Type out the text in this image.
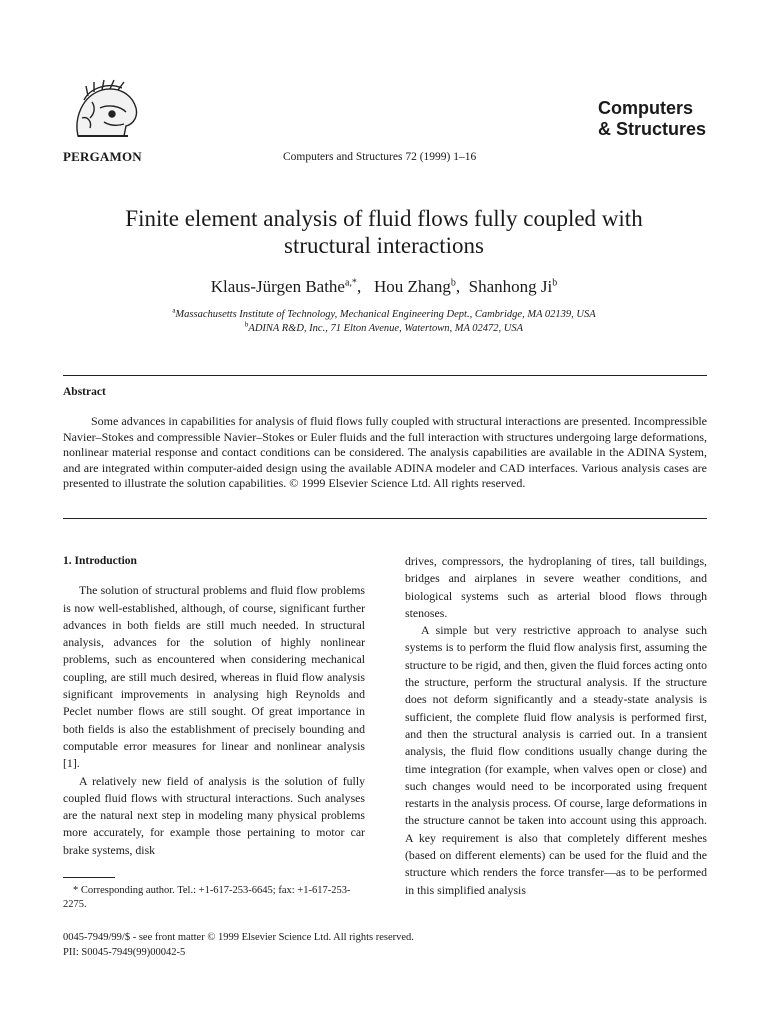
PERGAMON	Computers and Structures 72 (1999) 1–16
Computers
& Structures
Finite element analysis of fluid flows fully coupled with
structural interactions
Klaus-Jürgen Bathe$^{a,*}$,   Hou Zhang$^b$,  Shanhong Ji$^b$
$^a$Massachusetts Institute of Technology, Mechanical Engineering Dept., Cambridge, MA 02139, USA
$^b$ADINA R&D, Inc., 71 Elton Avenue, Watertown, MA 02472, USA
Abstract

Some advances in capabilities for analysis of fluid flows fully coupled with structural interactions are presented. Incompressible Navier–Stokes and compressible Navier–Stokes or Euler fluids and the full interaction with structures undergoing large deformations, nonlinear material response and contact conditions can be considered. The analysis capabilities are available in the ADINA System, and are integrated within computer-aided design using the available ADINA modeler and CAD interfaces. Various analysis cases are presented to illustrate the solution capabilities. © 1999 Elsevier Science Ltd. All rights reserved.

1. Introduction

The solution of structural problems and fluid flow problems is now well-established, although, of course, significant further advances in both fields are still much needed. In structural analysis, advances for the solution of highly nonlinear problems, such as encountered when considering mechanical coupling, are still much desired, whereas in fluid flow analysis significant improvements in analysing high Reynolds and Peclet number flows are still sought. Of great importance in both fields is also the establishment of precisely bounding and computable error measures for linear and nonlinear analysis [1].

A relatively new field of analysis is the solution of fully coupled fluid flows with structural interactions. Such analyses are the natural next step in modeling many physical problems more accurately, for example those pertaining to motor car brake systems, disk

drives, compressors, the hydroplaning of tires, tall buildings, bridges and airplanes in severe weather conditions, and biological systems such as arterial blood flows through stenoses.

A simple but very restrictive approach to analyse such systems is to perform the fluid flow analysis first, assuming the structure to be rigid, and then, given the fluid forces acting onto the structure, perform the structural analysis. If the structure does not deform significantly and a steady-state analysis is sufficient, the complete fluid flow analysis is performed first, and then the structural analysis is carried out. In a transient analysis, the fluid flow conditions usually change during the time integration (for example, when valves open or close) and such changes would need to be incorporated using frequent restarts in the analysis process. Of course, large deformations in the structure cannot be taken into account using this approach. A key requirement is also that completely different meshes (based on different elements) can be used for the fluid and the structure which renders the force transfer—as to be performed in this simplified analysis

* Corresponding author. Tel.: +1-617-253-6645; fax: +1-617-253-2275.

0045-7949/99/$ - see front matter © 1999 Elsevier Science Ltd. All rights reserved.
PII: S0045-7949(99)00042-5
